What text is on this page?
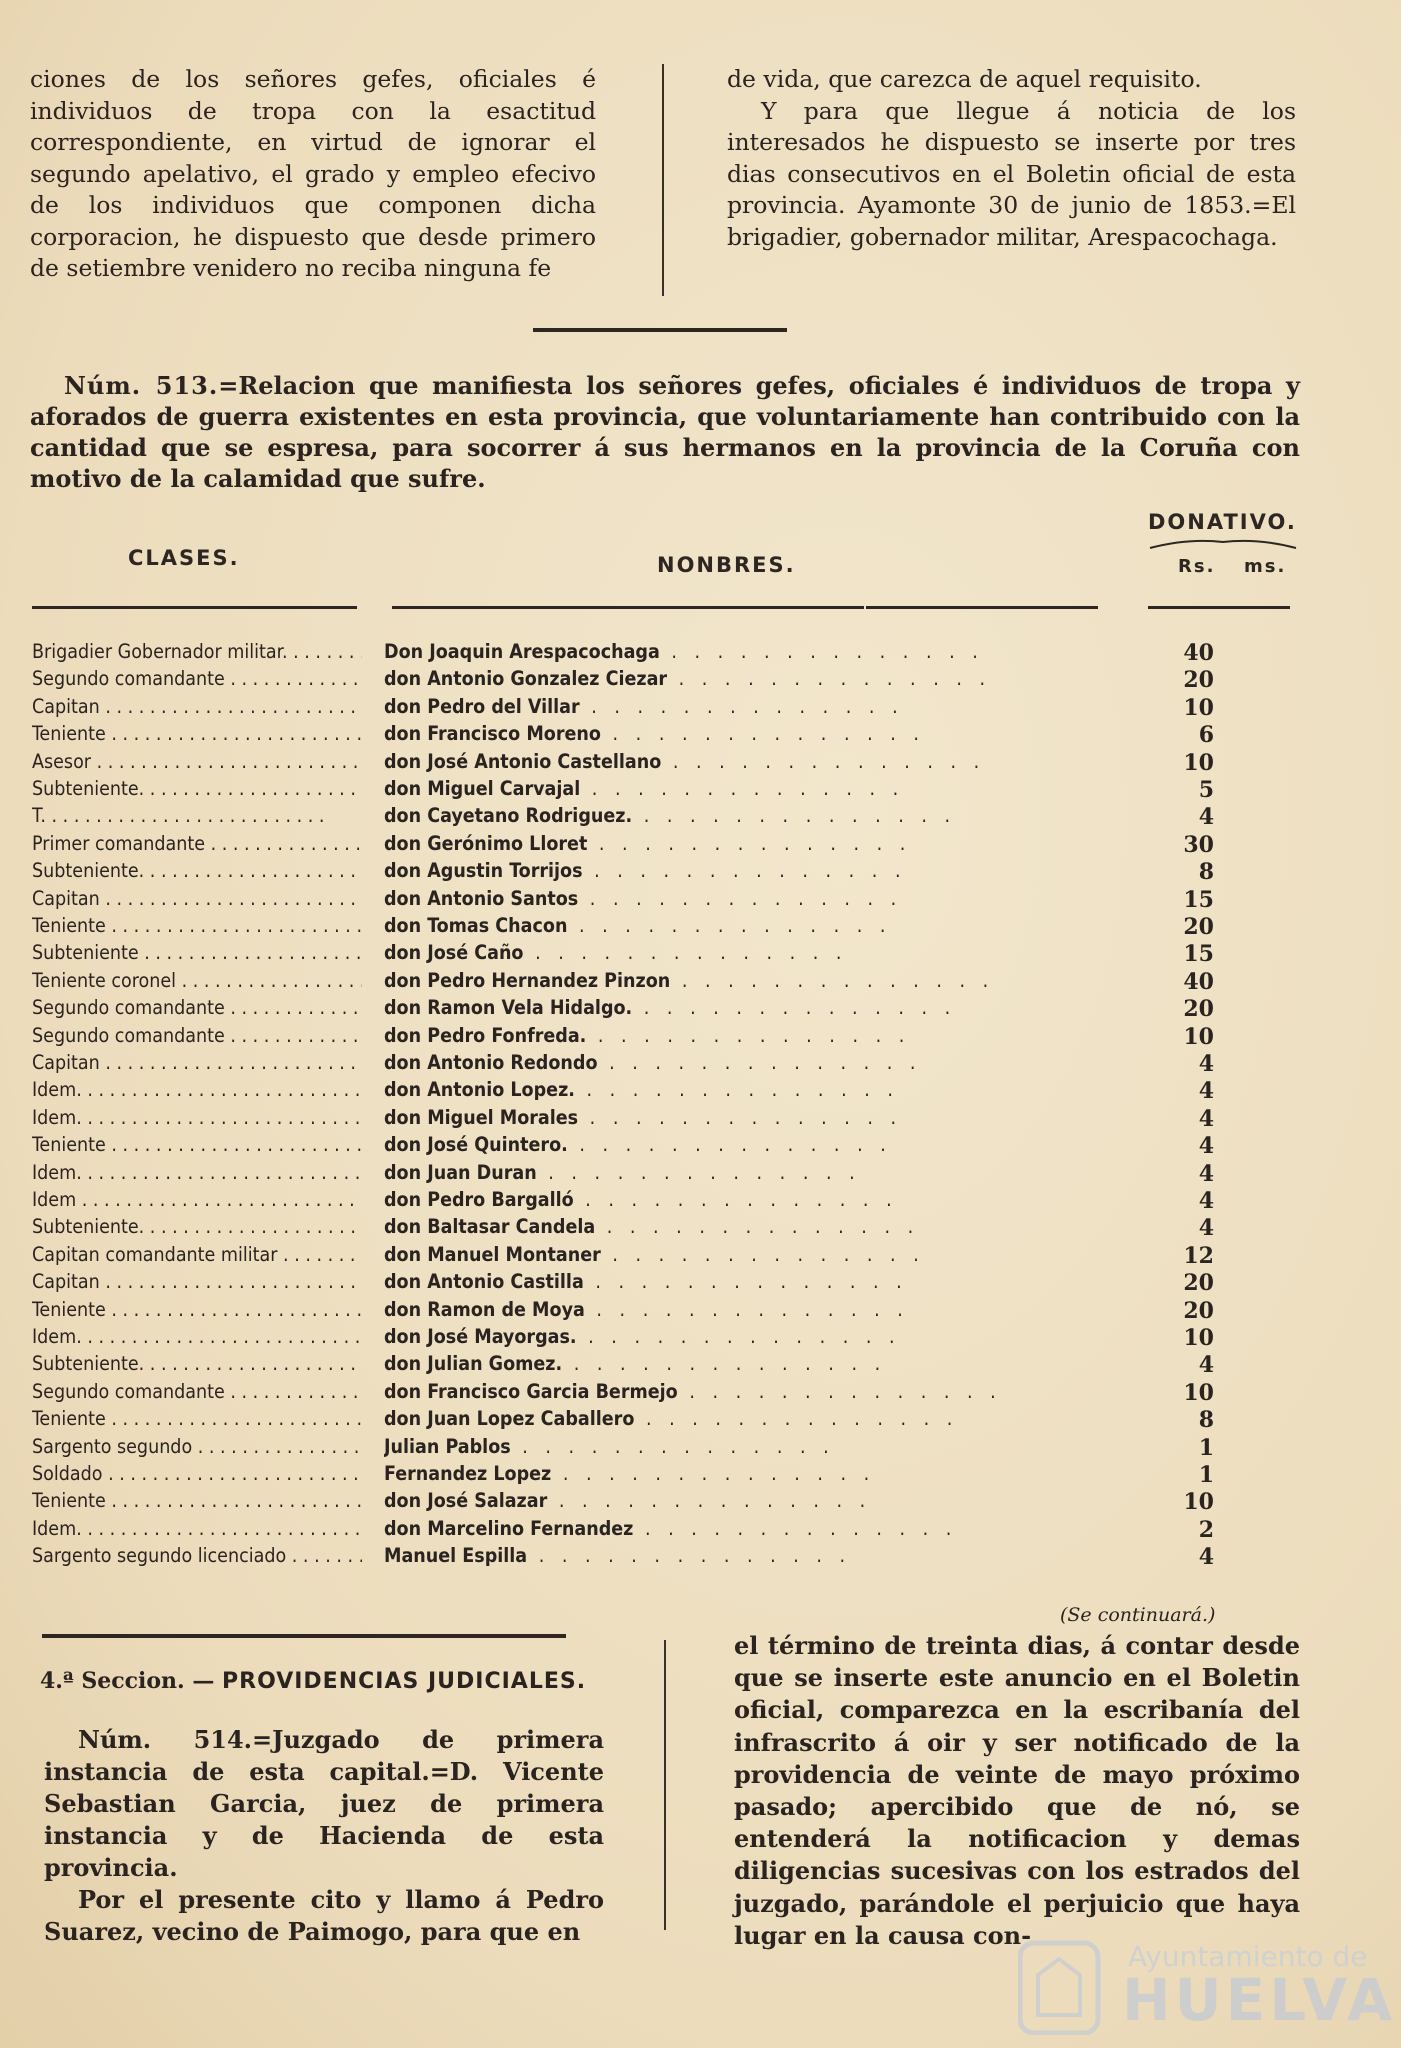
ciones de los señores gefes, oficiales é individuos de tropa con la esactitud correspondiente, en virtud de ignorar el segundo apelativo, el grado y empleo efecivo de los individuos que componen dicha corporacion, he dispuesto que desde primero de setiembre venidero no reciba ninguna fe

de vida, que carezca de aquel requisito.

Y para que llegue á noticia de los interesados he dispuesto se inserte por tres dias consecutivos en el Boletin oficial de esta provincia. Ayamonte 30 de junio de 1853.=El brigadier, gobernador militar, Arespacochaga.

Núm. 513.=Relacion que manifiesta los señores gefes, oficiales é individuos de tropa y aforados de guerra existentes en esta provincia, que voluntariamente han contribuido con la cantidad que se espresa, para socorrer á sus hermanos en la provincia de la Coruña con motivo de la calamidad que sufre.
DONATIVO.
CLASES.	NONBRES.	Rs. ms.
Brigadier Gobernador militar. . . .	Don Joaquin Arespacochaga .	40
Segundo comandante . . .	don Antonio Gonzalez Ciezar .	20
Capitan . . .	don Pedro del Villar .	10
Teniente . . .	don Francisco Moreno .	6
Asesor . . .	don José Antonio Castellano .	10
Subteniente. . . .	don Miguel Carvajal .	5
T. . . .	don Cayetano Rodriguez. .	4
Primer comandante . . .	don Gerónimo Lloret .	30
Subteniente. . . .	don Agustin Torrijos .	8
Capitan . . .	don Antonio Santos .	15
Teniente . . .	don Tomas Chacon .	20
Subteniente . . .	don José Caño .	15
Teniente coronel . . .	don Pedro Hernandez Pinzon .	40
Segundo comandante . . .	don Ramon Vela Hidalgo. .	20
Segundo comandante . . .	don Pedro Fonfreda. .	10
Capitan . . .	don Antonio Redondo .	4
Idem. . . .	don Antonio Lopez. .	4
Idem. . . .	don Miguel Morales .	4
Teniente . . .	don José Quintero. .	4
Idem. . . .	don Juan Duran .	4
Idem . . .	don Pedro Bargalló .	4
Subteniente. . . .	don Baltasar Candela .	4
Capitan comandante militar . . .	don Manuel Montaner .	12
Capitan . . .	don Antonio Castilla .	20
Teniente . . .	don Ramon de Moya .	20
Idem. . . .	don José Mayorgas. .	10
Subteniente. . . .	don Julian Gomez. .	4
Segundo comandante . . .	don Francisco Garcia Bermejo .	10
Teniente . . .	don Juan Lopez Caballero .	8
Sargento segundo . . .	Julian Pablos .	1
Soldado . . .	Fernandez Lopez .	1
Teniente . . .	don José Salazar .	10
Idem. . . .	don Marcelino Fernandez .	2
Sargento segundo licenciado . . .	Manuel Espilla .	4
(Se continuará.)
4.ª Seccion. — PROVIDENCIAS JUDICIALES.

Núm. 514.=Juzgado de primera instancia de esta capital.=D. Vicente Sebastian Garcia, juez de primera instancia y de Hacienda de esta provincia.

Por el presente cito y llamo á Pedro Suarez, vecino de Paimogo, para que en

el término de treinta dias, á contar desde que se inserte este anuncio en el Boletin oficial, comparezca en la escribanía del infrascrito á oir y ser notificado de la providencia de veinte de mayo próximo pasado; apercibido que de nó, se entenderá la notificacion y demas diligencias sucesivas con los estrados del juzgado, parándole el perjuicio que haya lugar en la causa con-

Ayuntamiento de
HUELVA
